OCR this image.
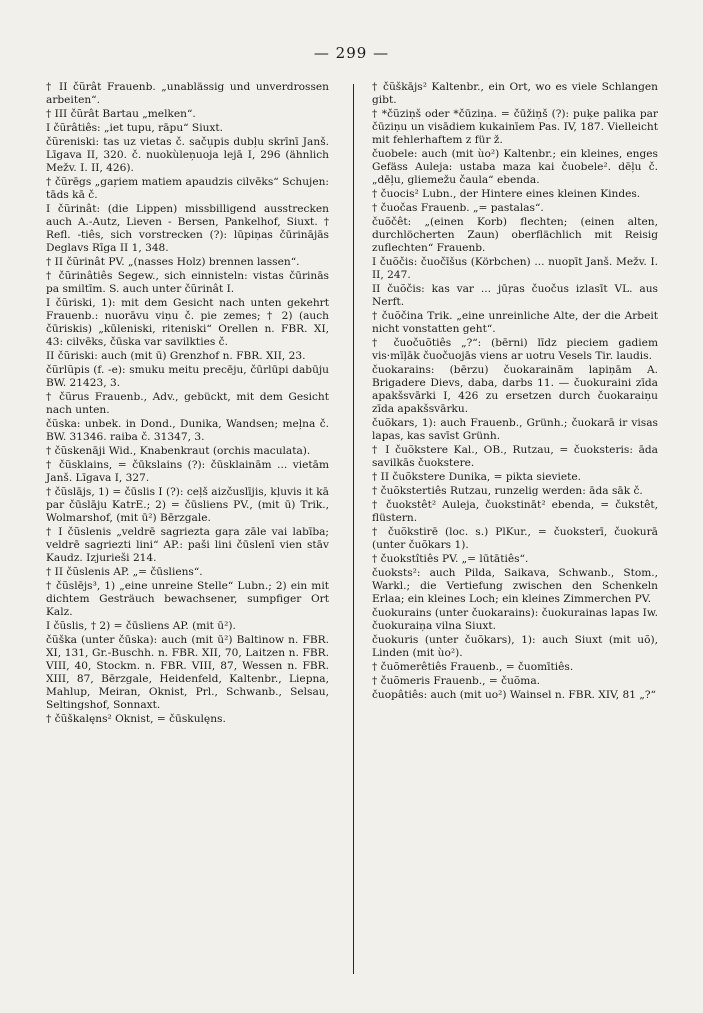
— 299 —
† II čũrât Frauenb. „unablässig und unverdrossen arbeiten“.
† III čũrât Bartau „melken“.
I čũrâtiês: „iet tupu, rāpu“ Siuxt.
čũreniski: tas uz vietas č. saču̦pis dubl̦u skrīnī Janš. Līgava II, 320. č. nuokùlen̦uoja lejā I, 296 (ähnlich Mežv. I. II, 426).
† čũrēgs „gaŗiem matiem apaudzis cilvēks“ Schujen: tāds kā č.
I čũrinât: (die Lippen) missbilligend ausstrecken auch A.-Autz, Lieven - Bersen, Pankelhof, Siuxt. † Refl. -tiês, sich vorstrecken (?): lūpiņas čūrinājās Deglavs Rīga II 1, 348.
† II čũrinât PV. „(nasses Holz) brennen lassen“.
† čũrinâtiês Segew., sich einnisteln: vistas čūrinās pa smiltīm. S. auch unter čũrinât I.
I čũriski, 1): mit dem Gesicht nach unten gekehrt Frauenb.: nuorāvu viņu č. pie zemes; † 2) (auch čūriskis) „kūleniski, riteniski“ Orellen n. FBR. XI, 43: cilvēks, čūska var savilkties č.
II čũriski: auch (mit ū) Grenzhof n. FBR. XII, 23.
čũrlũpis (f. -e): smuku meitu precēju, čūrlūpi dabūju BW. 21423, 3.
† čũrus Frauenb., Adv., gebückt, mit dem Gesicht nach unten.
čũska: unbek. in Dond., Dunika, Wandsen; mel̦na č. BW. 31346. raiba č. 31347, 3.
† čũskenāji Wid., Knabenkraut (orchis maculata).
† čũsklains, = čūkslains (?): čūsklainām ... vietām Janš. Līgava I, 327.
† čũslājs, 1) = čūslis I (?): cel̦š aizčuslījis, kļuvis it kā par čūslāju KatrE.; 2) = čūsliens PV., (mit ū) Trik., Wolmarshof, (mit ū²) Bērzgale.
† I čũslenis „veldrē sagriezta gaŗa zāle vai labība; veldrē sagriezti lini“ AP.: paši lini čūslenī vien stāv Kaudz. Izjurieši 214.
† II čũslenis AP. „= čūsliens“.
† čũslējs³, 1) „eine unreine Stelle“ Lubn.; 2) ein mit dichtem Gesträuch bewachsener, sumpfiger Ort Kalz.
I čũslis, † 2) = čūsliens AP. (mit ū²).
čũška (unter čūska): auch (mit ū²) Baltinow n. FBR. XI, 131, Gr.-Buschh. n. FBR. XII, 70, Laitzen n. FBR. VIII, 40, Stockm. n. FBR. VIII, 87, Wessen n. FBR. XIII, 87, Bērzgale, Heidenfeld, Kaltenbr., Liepna, Mahlup, Meiran, Oknist, Prl., Schwanb., Selsau, Seltingshof, Sonnaxt.
† čũškalęns² Oknist, = čūskulęns.
† čũškājs² Kaltenbr., ein Ort, wo es viele Schlangen gibt.
† *čũziņš oder *čūziņa. = čūžiņš (?): puķe palika par čūziņu un visādiem kukainīem Pas. IV, 187. Vielleicht mit fehlerhaftem z für ž.
čuobele: auch (mit ùo²) Kaltenbr.; ein kleines, enges Gefäss Auleja: ustaba maza kai čuobele². dēl̦u č. „dēl̦u, gliemežu čaula“ ebenda.
† čuocis² Lubn., der Hintere eines kleinen Kindes.
† čuočas Frauenb. „= pastalas“.
čuõčêt: „(einen Korb) flechten; (einen alten, durchlöcherten Zaun) oberflächlich mit Reisig zuflechten“ Frauenb.
I čuõčis: čuočīšus (Körbchen) ... nuopīt Janš. Mežv. I. II, 247.
II čuõčis: kas var ... jūŗas čuočus izlasīt VL. aus Nerft.
† čuõčina Trik. „eine unreinliche Alte, der die Arbeit nicht vonstatten geht“.
† čuočuõtiês „?“: (bērni) līdz pieciem gadiem vis·mīļāk čuočuojās viens ar uotru Vesels Tir. laudis.
čuokarains: (bērzu) čuokarainām lapiņām A. Brigadere Dievs, daba, darbs 11. — čuokuraini zīda apakšsvārki I, 426 zu ersetzen durch čuokaraiņu zīda apakšsvārku.
čuõkars, 1): auch Frauenb., Grünh.; čuokarā ir visas lapas, kas savīst Grünh.
† I čuõkstere Kal., OB., Rutzau, = čuoksteris: āda savilkās čuokstere.
† II čuõkstere Dunika, = pikta sieviete.
† čuõkstertiês Rutzau, runzelig werden: āda sāk č.
† čuokstêt² Auleja, čuokstināt² ebenda, = čukstêt, flüstern.
† čuõkstirē (loc. s.) PlKur., = čuoksterī, čuokurā (unter čuõkars 1).
† čuokstîtiês PV. „= lūtātiês“.
čuoksts²: auch Pilda, Saikava, Schwanb., Stom., Warkl.; die Vertiefung zwischen den Schenkeln Erlaa; ein kleines Loch; ein kleines Zimmerchen PV.
čuokurains (unter čuokarains): čuokurainas lapas Iw. čuokuraiņa vilna Siuxt.
čuokuris (unter čuõkars), 1): auch Siuxt (mit uõ), Linden (mit ùo²).
† čuõmerêtiês Frauenb., = čuomītiês.
† čuõmeris Frauenb., = čuõma.
čuopâtiês: auch (mit uo²) Wainsel n. FBR. XIV, 81 „?“
